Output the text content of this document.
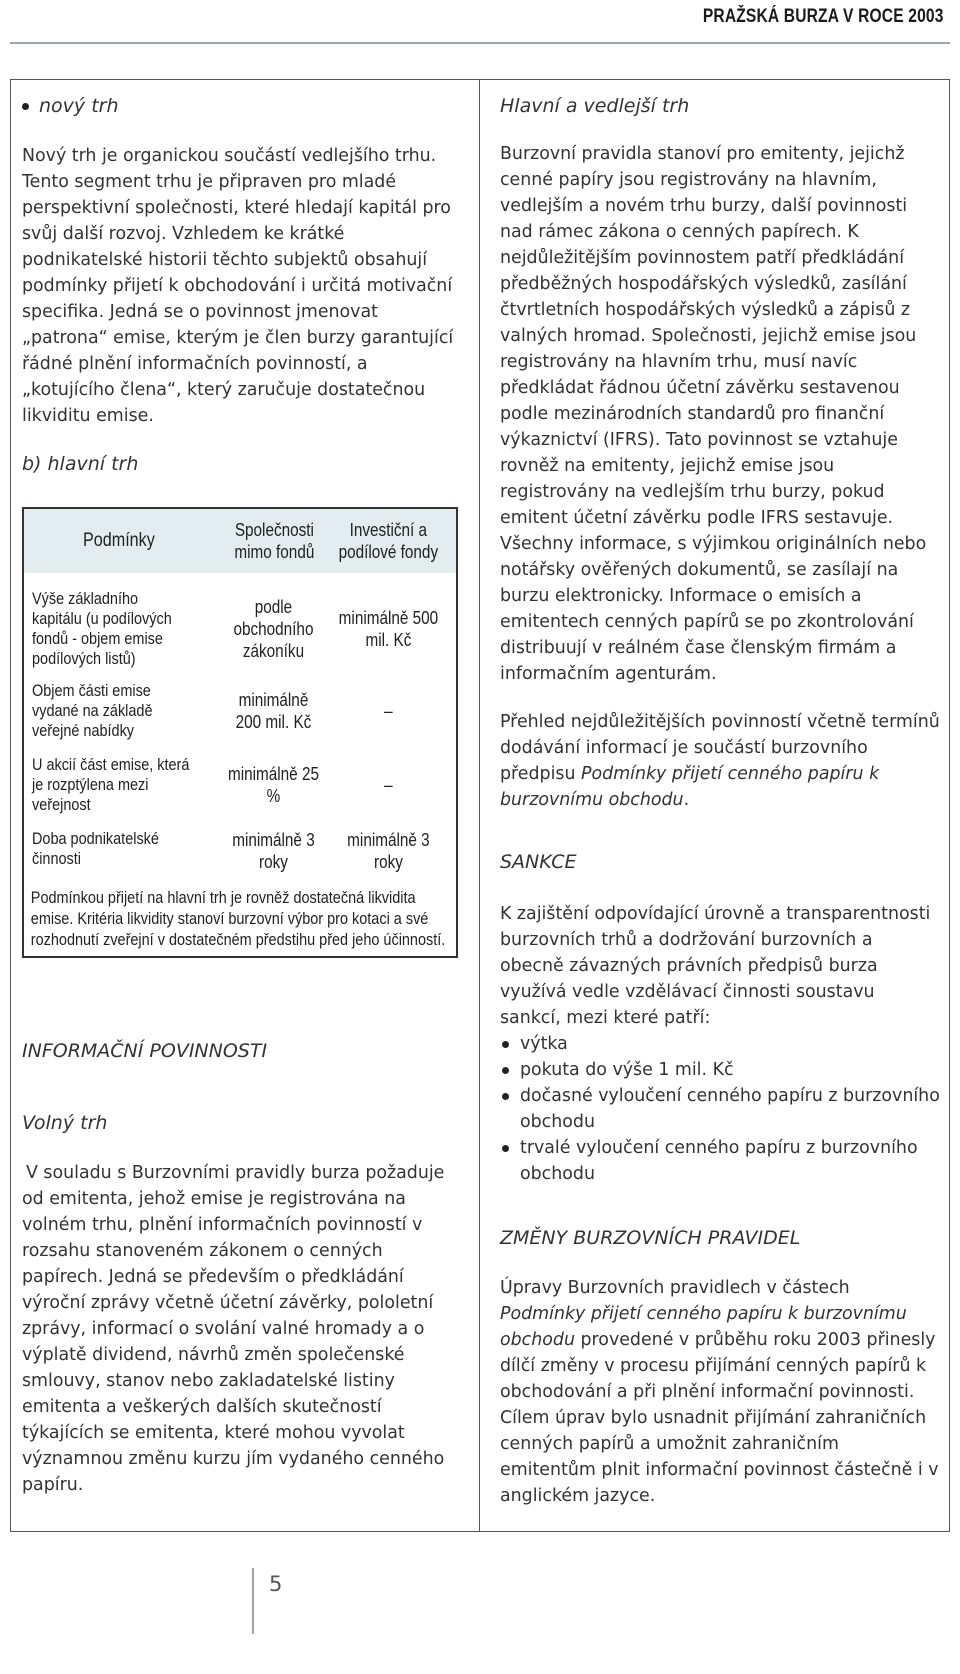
PRAŽSKÁ BURZA V ROCE 2003
nový trh

Nový trh je organickou součástí vedlejšího trhu. Tento segment trhu je připraven pro mladé perspektivní společnosti, které hledají kapitál pro svůj další rozvoj. Vzhledem ke krátké podnikatelské historii těchto subjektů obsahují podmínky přijetí k obchodování i určitá motivační specifika. Jedná se o povinnost jmenovat „patrona“ emise, kterým je člen burzy garantující řádné plnění informačních povinností, a „kotujícího člena“, který zaručuje dostatečnou likviditu emise.

b) hlavní trh

Podmínky	Společnosti mimo fondů
Investiční a podílové fondy
Výše základního kapitálu (u podílových fondů - objem emise podílových listů)
podle obchodního zákoníku
minimálně 500 mil. Kč
Objem části emise vydané na základě veřejné nabídky
minimálně 200 mil. Kč
–
U akcií část emise, která je rozptýlena mezi veřejnost
minimálně 25 %
–
Doba podnikatelské činnosti
minimálně 3 roky
minimálně 3 roky
Podmínkou přijetí na hlavní trh je rovněž dostatečná likvidita emise. Kritéria likvidity stanoví burzovní výbor pro kotaci a své rozhodnutí zveřejní v dostatečném předstihu před jeho účinností.

INFORMAČNÍ POVINNOSTI

Volný trh

V souladu s Burzovními pravidly burza požaduje od emitenta, jehož emise je registrována na volném trhu, plnění informačních povinností v rozsahu stanoveném zákonem o cenných papírech. Jedná se především o předkládání výroční zprávy včetně účetní závěrky, pololetní zprávy, informací o svolání valné hromady a o výplatě dividend, návrhů změn společenské smlouvy, stanov nebo zakladatelské listiny emitenta a veškerých dalších skutečností týkajících se emitenta, které mohou vyvolat významnou změnu kurzu jím vydaného cenného papíru.

Hlavní a vedlejší trh

Burzovní pravidla stanoví pro emitenty, jejichž cenné papíry jsou registrovány na hlavním, vedlejším a novém trhu burzy, další povinnosti nad rámec zákona o cenných papírech. K nejdůležitějším povinnostem patří předkládání předběžných hospodářských výsledků, zasílání čtvrtletních hospodářských výsledků a zápisů z valných hromad. Společnosti, jejichž emise jsou registrovány na hlavním trhu, musí navíc předkládat řádnou účetní závěrku sestavenou podle mezinárodních standardů pro finanční výkaznictví (IFRS). Tato povinnost se vztahuje rovněž na emitenty, jejichž emise jsou registrovány na vedlejším trhu burzy, pokud emitent účetní závěrku podle IFRS sestavuje. Všechny informace, s výjimkou originálních nebo notářsky ověřených dokumentů, se zasílají na burzu elektronicky. Informace o emisích a emitentech cenných papírů se po zkontrolování distribuují v reálném čase členským firmám a informačním agenturám.

Přehled nejdůležitějších povinností včetně termínů dodávání informací je součástí burzovního předpisu Podmínky přijetí cenného papíru k burzovnímu obchodu.

SANKCE

K zajištění odpovídající úrovně a transparentnosti burzovních trhů a dodržování burzovních a obecně závazných právních předpisů burza využívá vedle vzdělávací činnosti soustavu sankcí, mezi které patří:

výtka
pokuta do výše 1 mil. Kč
dočasné vyloučení cenného papíru z burzovního obchodu
trvalé vyloučení cenného papíru z burzovního obchodu

ZMĚNY BURZOVNÍCH PRAVIDEL

Úpravy Burzovních pravidlech v částech Podmínky přijetí cenného papíru k burzovnímu obchodu provedené v průběhu roku 2003 přinesly dílčí změny v procesu přijímání cenných papírů k obchodování a při plnění informační povinnosti. Cílem úprav bylo usnadnit přijímání zahraničních cenných papírů a umožnit zahraničním emitentům plnit informační povinnost částečně i v anglickém jazyce.

5
